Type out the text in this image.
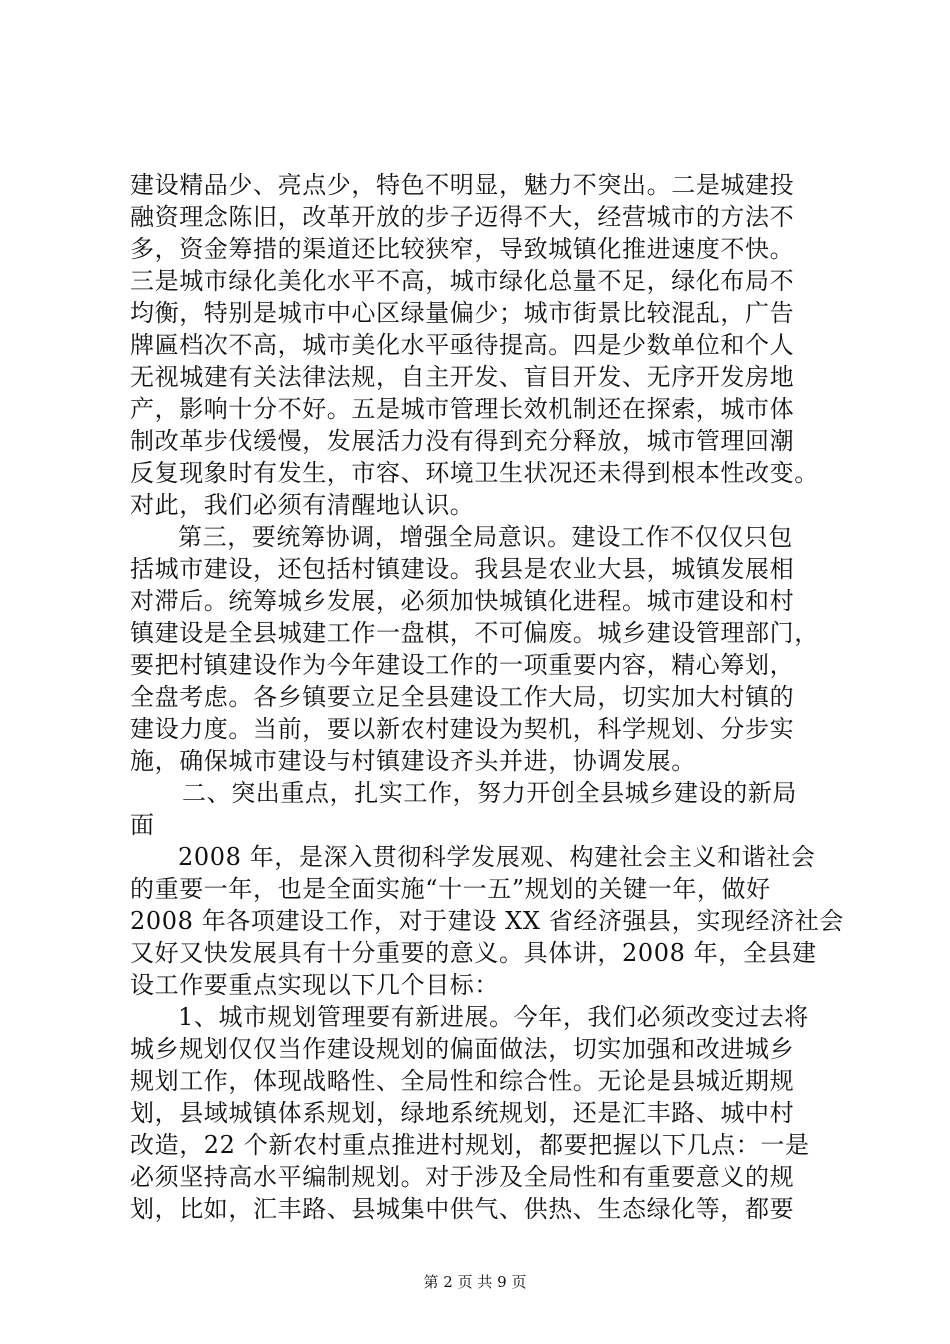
建设精品少、亮点少，特色不明显，魅力不突出。二是城建投
融资理念陈旧，改革开放的步子迈得不大，经营城市的方法不
多，资金筹措的渠道还比较狭窄，导致城镇化推进速度不快。
三是城市绿化美化水平不高，城市绿化总量不足，绿化布局不
均衡，特别是城市中心区绿量偏少；城市街景比较混乱，广告
牌匾档次不高，城市美化水平亟待提高。四是少数单位和个人
无视城建有关法律法规，自主开发、盲目开发、无序开发房地
产，影响十分不好。五是城市管理长效机制还在探索，城市体
制改革步伐缓慢，发展活力没有得到充分释放，城市管理回潮
反复现象时有发生，市容、环境卫生状况还未得到根本性改变。
对此，我们必须有清醒地认识。
第三，要统筹协调，增强全局意识。建设工作不仅仅只包
括城市建设，还包括村镇建设。我县是农业大县，城镇发展相
对滞后。统筹城乡发展，必须加快城镇化进程。城市建设和村
镇建设是全县城建工作一盘棋，不可偏废。城乡建设管理部门，
要把村镇建设作为今年建设工作的一项重要内容，精心筹划，
全盘考虑。各乡镇要立足全县建设工作大局，切实加大村镇的
建设力度。当前，要以新农村建设为契机，科学规划、分步实
施，确保城市建设与村镇建设齐头并进，协调发展。
二、突出重点，扎实工作，努力开创全县城乡建设的新局
面
2008 年，是深入贯彻科学发展观、构建社会主义和谐社会
的重要一年，也是全面实施“十一五”规划的关键一年，做好
2008 年各项建设工作，对于建设 XX 省经济强县，实现经济社会
又好又快发展具有十分重要的意义。具体讲，2008 年，全县建
设工作要重点实现以下几个目标：
1、城市规划管理要有新进展。今年，我们必须改变过去将
城乡规划仅仅当作建设规划的偏面做法，切实加强和改进城乡
规划工作，体现战略性、全局性和综合性。无论是县城近期规
划，县域城镇体系规划，绿地系统规划，还是汇丰路、城中村
改造，22 个新农村重点推进村规划，都要把握以下几点：一是
必须坚持高水平编制规划。对于涉及全局性和有重要意义的规
划，比如，汇丰路、县城集中供气、供热、生态绿化等，都要
第 2 页 共 9 页
